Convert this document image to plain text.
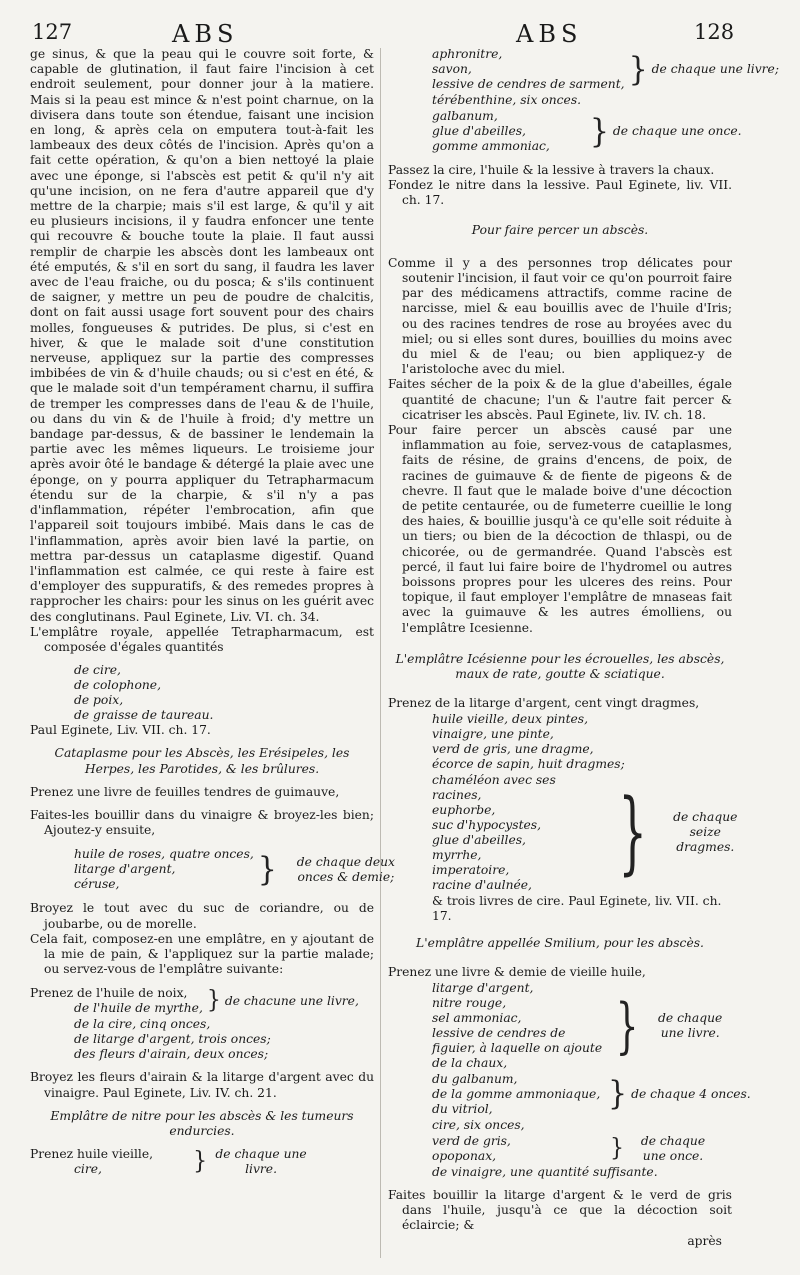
127	ABS	ABS	128

ge sinus, & que la peau qui le couvre soit forte, & capable de glutination, il faut faire l'incision à cet endroit seulement, pour donner jour à la matiere. Mais si la peau est mince & n'est point charnue, on la divisera dans toute son étendue, faisant une incision en long, & après cela on emputera tout-à-fait les lambeaux des deux côtés de l'incision. Après qu'on a fait cette opération, & qu'on a bien nettoyé la plaie avec une éponge, si l'abscès est petit & qu'il n'y ait qu'une incision, on ne fera d'autre appareil que d'y mettre de la charpie; mais s'il est large, & qu'il y ait eu plusieurs incisions, il y faudra enfoncer une tente qui recouvre & bouche toute la plaie. Il faut aussi remplir de charpie les abscès dont les lambeaux ont été emputés, & s'il en sort du sang, il faudra les laver avec de l'eau fraiche, ou du posca; & s'ils continuent de saigner, y mettre un peu de poudre de chalcitis, dont on fait aussi usage fort souvent pour des chairs molles, fongueuses & putrides. De plus, si c'est en hiver, & que le malade soit d'une constitution nerveuse, appliquez sur la partie des compresses imbibées de vin & d'huile chauds; ou si c'est en été, & que le malade soit d'un tempérament charnu, il suffira de tremper les compresses dans de l'eau & de l'huile, ou dans du vin & de l'huile à froid; d'y mettre un bandage par-dessus, & de bassiner le lendemain la partie avec les mêmes liqueurs. Le troisieme jour après avoir ôté le bandage & détergé la plaie avec une éponge, on y pourra appliquer du Tetrapharmacum étendu sur de la charpie, & s'il n'y a pas d'inflammation, répéter l'embrocation, afin que l'appareil soit toujours imbibé. Mais dans le cas de l'inflammation, après avoir bien lavé la partie, on mettra par-dessus un cataplasme digestif. Quand l'inflammation est calmée, ce qui reste à faire est d'employer des suppuratifs, & des remedes propres à rapprocher les chairs: pour les sinus on les guérit avec des conglutinans. Paul Eginete, Liv. VI. ch. 34.

L'emplâtre royale, appellée Tetrapharmacum, est composée d'égales quantités

de cire,
de colophone,
de poix,
de graisse de taureau.

Paul Eginete, Liv. VII. ch. 17.

Cataplasme pour les Abscès, les Erésipeles, les Herpes, les Parotides, & les brûlures.

Prenez une livre de feuilles tendres de guimauve,

Faites-les bouillir dans du vinaigre & broyez-les bien; Ajoutez-y ensuite,

huile de roses, quatre onces,
litarge d'argent,
céruse,	}	de chaque deux onces & demie;

Broyez le tout avec du suc de coriandre, ou de joubarbe, ou de morelle.

Cela fait, composez-en une emplâtre, en y ajoutant de la mie de pain, & l'appliquez sur la partie malade; ou servez-vous de l'emplâtre suivante:

Prenez de l'huile de noix,
de l'huile de myrthe, } de chacune une livre,
de la cire, cinq onces,
de litarge d'argent, trois onces;
des fleurs d'airain, deux onces;

Broyez les fleurs d'airain & la litarge d'argent avec du vinaigre. Paul Eginete, Liv. IV. ch. 21.

Emplâtre de nitre pour les abscès & les tumeurs endurcies.

Prenez huile vieille,
cire,	} de chaque une livre.
aphronitre,
savon,
lessive de cendres de sarment, } de chaque une livre;
térébenthine, six onces.
galbanum,
glue d'abeilles,
gomme ammoniac, } de chaque une once.

Passez la cire, l'huile & la lessive à travers la chaux.

Fondez le nitre dans la lessive. Paul Eginete, liv. VII. ch. 17.

Pour faire percer un abscès.

Comme il y a des personnes trop délicates pour soutenir l'incision, il faut voir ce qu'on pourroit faire par des médicamens attractifs, comme racine de narcisse, miel & eau bouillis avec de l'huile d'Iris; ou des racines tendres de rose au broyées avec du miel; ou si elles sont dures, bouillies du moins avec du miel & de l'eau; ou bien appliquez-y de l'aristoloche avec du miel.

Faites sécher de la poix & de la glue d'abeilles, égale quantité de chacune; l'un & l'autre fait percer & cicatriser les abscès. Paul Eginete, liv. IV. ch. 18.

Pour faire percer un abscès causé par une inflammation au foie, servez-vous de cataplasmes, faits de résine, de grains d'encens, de poix, de racines de guimauve & de fiente de pigeons & de chevre. Il faut que le malade boive d'une décoction de petite centaurée, ou de fumeterre cueillie le long des haies, & bouillie jusqu'à ce qu'elle soit réduite à un tiers; ou bien de la décoction de thlaspi, ou de chicorée, ou de germandrée. Quand l'abscès est percé, il faut lui faire boire de l'hydromel ou autres boissons propres pour les ulceres des reins. Pour topique, il faut employer l'emplâtre de mnaseas fait avec la guimauve & les autres émolliens, ou l'emplâtre Icesienne.

L'emplâtre Icésienne pour les écrouelles, les abscès, maux de rate, goutte & sciatique.

Prenez de la litarge d'argent, cent vingt dragmes,

huile vieille, deux pintes,
vinaigre, une pinte,
verd de gris, une dragme,
écorce de sapin, huit dragmes;
chaméléon avec ses racines,
euphorbe,
suc d'hypocystes,
glue d'abeilles,
myrrhe,
imperatoire,
racine d'aulnée, }	de chaque seize dragmes.
& trois livres de cire. Paul Eginete, liv. VII. ch. 17.

L'emplâtre appellée Smilium, pour les abscès.

Prenez une livre & demie de vieille huile,

litarge d'argent,
nitre rouge,
sel ammoniac,
lessive de cendres de figuier, à laquelle on ajoute de la chaux,
}	de chaque une livre.
du galbanum,
de la gomme ammoniaque,
du vitriol,	} de chaque 4 onces.
cire, six onces,
verd de gris,
opoponax,	}	de chaque une once.
de vinaigre, une quantité suffisante.

Faites bouillir la litarge d'argent & le verd de gris dans l'huile, jusqu'à ce que la décoction soit éclaircie; &

après
